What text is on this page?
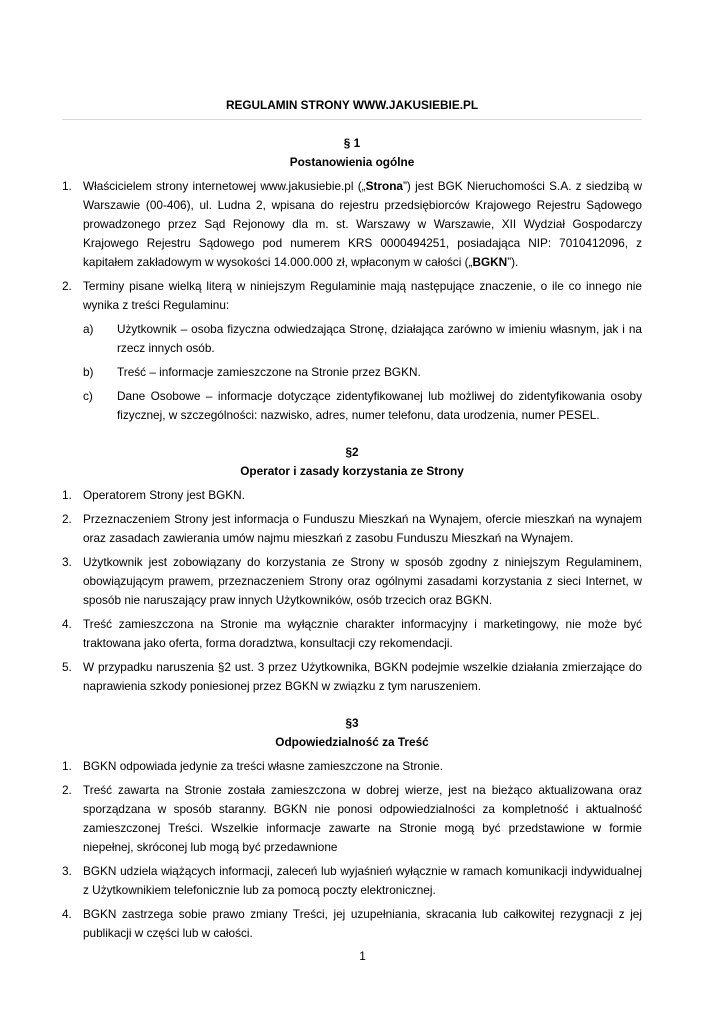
REGULAMIN STRONY WWW.JAKUSIEBIE.PL
§ 1
Postanowienia ogólne
1. Właścicielem strony internetowej www.jakusiebie.pl („Strona”) jest BGK Nieruchomości S.A. z siedzibą w Warszawie (00-406), ul. Ludna 2, wpisana do rejestru przedsiębiorców Krajowego Rejestru Sądowego prowadzonego przez Sąd Rejonowy dla m. st. Warszawy w Warszawie, XII Wydział Gospodarczy Krajowego Rejestru Sądowego pod numerem KRS 0000494251, posiadająca NIP: 7010412096, z kapitałem zakładowym w wysokości 14.000.000 zł, wpłaconym w całości („BGKN”).
2. Terminy pisane wielką literą w niniejszym Regulaminie mają następujące znaczenie, o ile co innego nie wynika z treści Regulaminu:
a) Użytkownik – osoba fizyczna odwiedzająca Stronę, działająca zarówno w imieniu własnym, jak i na rzecz innych osób.
b) Treść – informacje zamieszczone na Stronie przez BGKN.
c) Dane Osobowe – informacje dotyczące zidentyfikowanej lub możliwej do zidentyfikowania osoby fizycznej, w szczególności: nazwisko, adres, numer telefonu, data urodzenia, numer PESEL.
§2
Operator i zasady korzystania ze Strony
1. Operatorem Strony jest BGKN.
2. Przeznaczeniem Strony jest informacja o Funduszu Mieszkań na Wynajem, ofercie mieszkań na wynajem oraz zasadach zawierania umów najmu mieszkań z zasobu Funduszu Mieszkań na Wynajem.
3. Użytkownik jest zobowiązany do korzystania ze Strony w sposób zgodny z niniejszym Regulaminem, obowiązującym prawem, przeznaczeniem Strony oraz ogólnymi zasadami korzystania z sieci Internet, w sposób nie naruszający praw innych Użytkowników, osób trzecich oraz BGKN.
4. Treść zamieszczona na Stronie ma wyłącznie charakter informacyjny i marketingowy, nie może być traktowana jako oferta, forma doradztwa, konsultacji czy rekomendacji.
5. W przypadku naruszenia §2 ust. 3 przez Użytkownika, BGKN podejmie wszelkie działania zmierzające do naprawienia szkody poniesionej przez BGKN w związku z tym naruszeniem.
§3
Odpowiedzialność za Treść
1. BGKN odpowiada jedynie za treści własne zamieszczone na Stronie.
2. Treść zawarta na Stronie została zamieszczona w dobrej wierze, jest na bieżąco aktualizowana oraz sporządzana w sposób staranny. BGKN nie ponosi odpowiedzialności za kompletność i aktualność zamieszczonej Treści. Wszelkie informacje zawarte na Stronie mogą być przedstawione w formie niepełnej, skróconej lub mogą być przedawnione
3. BGKN udziela wiążących informacji, zaleceń lub wyjaśnień wyłącznie w ramach komunikacji indywidualnej z Użytkownikiem telefonicznie lub za pomocą poczty elektronicznej.
4. BGKN zastrzega sobie prawo zmiany Treści, jej uzupełniania, skracania lub całkowitej rezygnacji z jej publikacji w części lub w całości.
1
